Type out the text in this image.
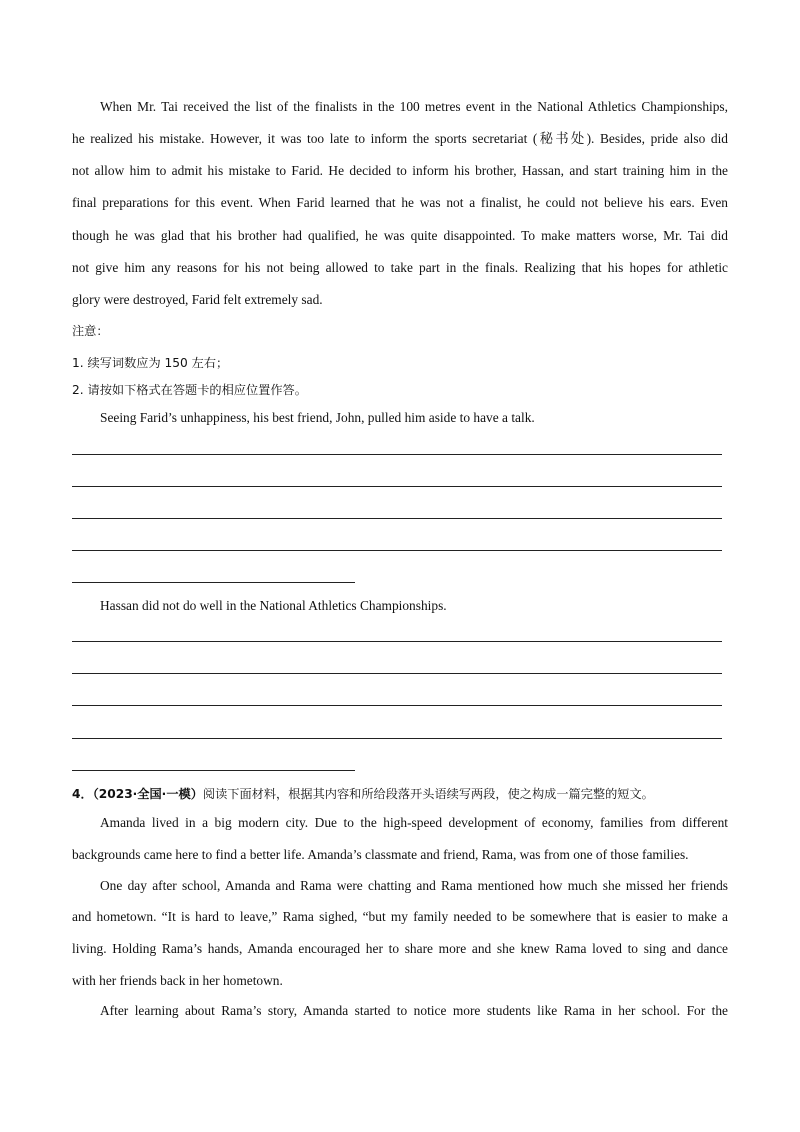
When Mr. Tai received the list of the finalists in the 100 metres event in the National Athletics Championships,
he realized his mistake. However, it was too late to inform the sports secretariat (秘书处). Besides, pride also did
not allow him to admit his mistake to Farid. He decided to inform his brother, Hassan, and start training him in the
final preparations for this event. When Farid learned that he was not a finalist, he could not believe his ears. Even
though he was glad that his brother had qualified, he was quite disappointed. To make matters worse, Mr. Tai did
not give him any reasons for his not being allowed to take part in the finals. Realizing that his hopes for athletic
glory were destroyed, Farid felt extremely sad.
注意：
1. 续写词数应为 150 左右；
2. 请按如下格式在答题卡的相应位置作答。
Seeing Farid’s unhappiness, his best friend, John, pulled him aside to have a talk.
Hassan did not do well in the National Athletics Championships.
4．（2023·全国·一模）阅读下面材料，根据其内容和所给段落开头语续写两段，使之构成一篇完整的短文。
Amanda lived in a big modern city. Due to the high-speed development of economy, families from different
backgrounds came here to find a better life. Amanda’s classmate and friend, Rama, was from one of those families.
One day after school, Amanda and Rama were chatting and Rama mentioned how much she missed her friends
and hometown. “It is hard to leave,” Rama sighed, “but my family needed to be somewhere that is easier to make a
living. Holding Rama’s hands, Amanda encouraged her to share more and she knew Rama loved to sing and dance
with her friends back in her hometown.
After learning about Rama’s story, Amanda started to notice more students like Rama in her school. For the
